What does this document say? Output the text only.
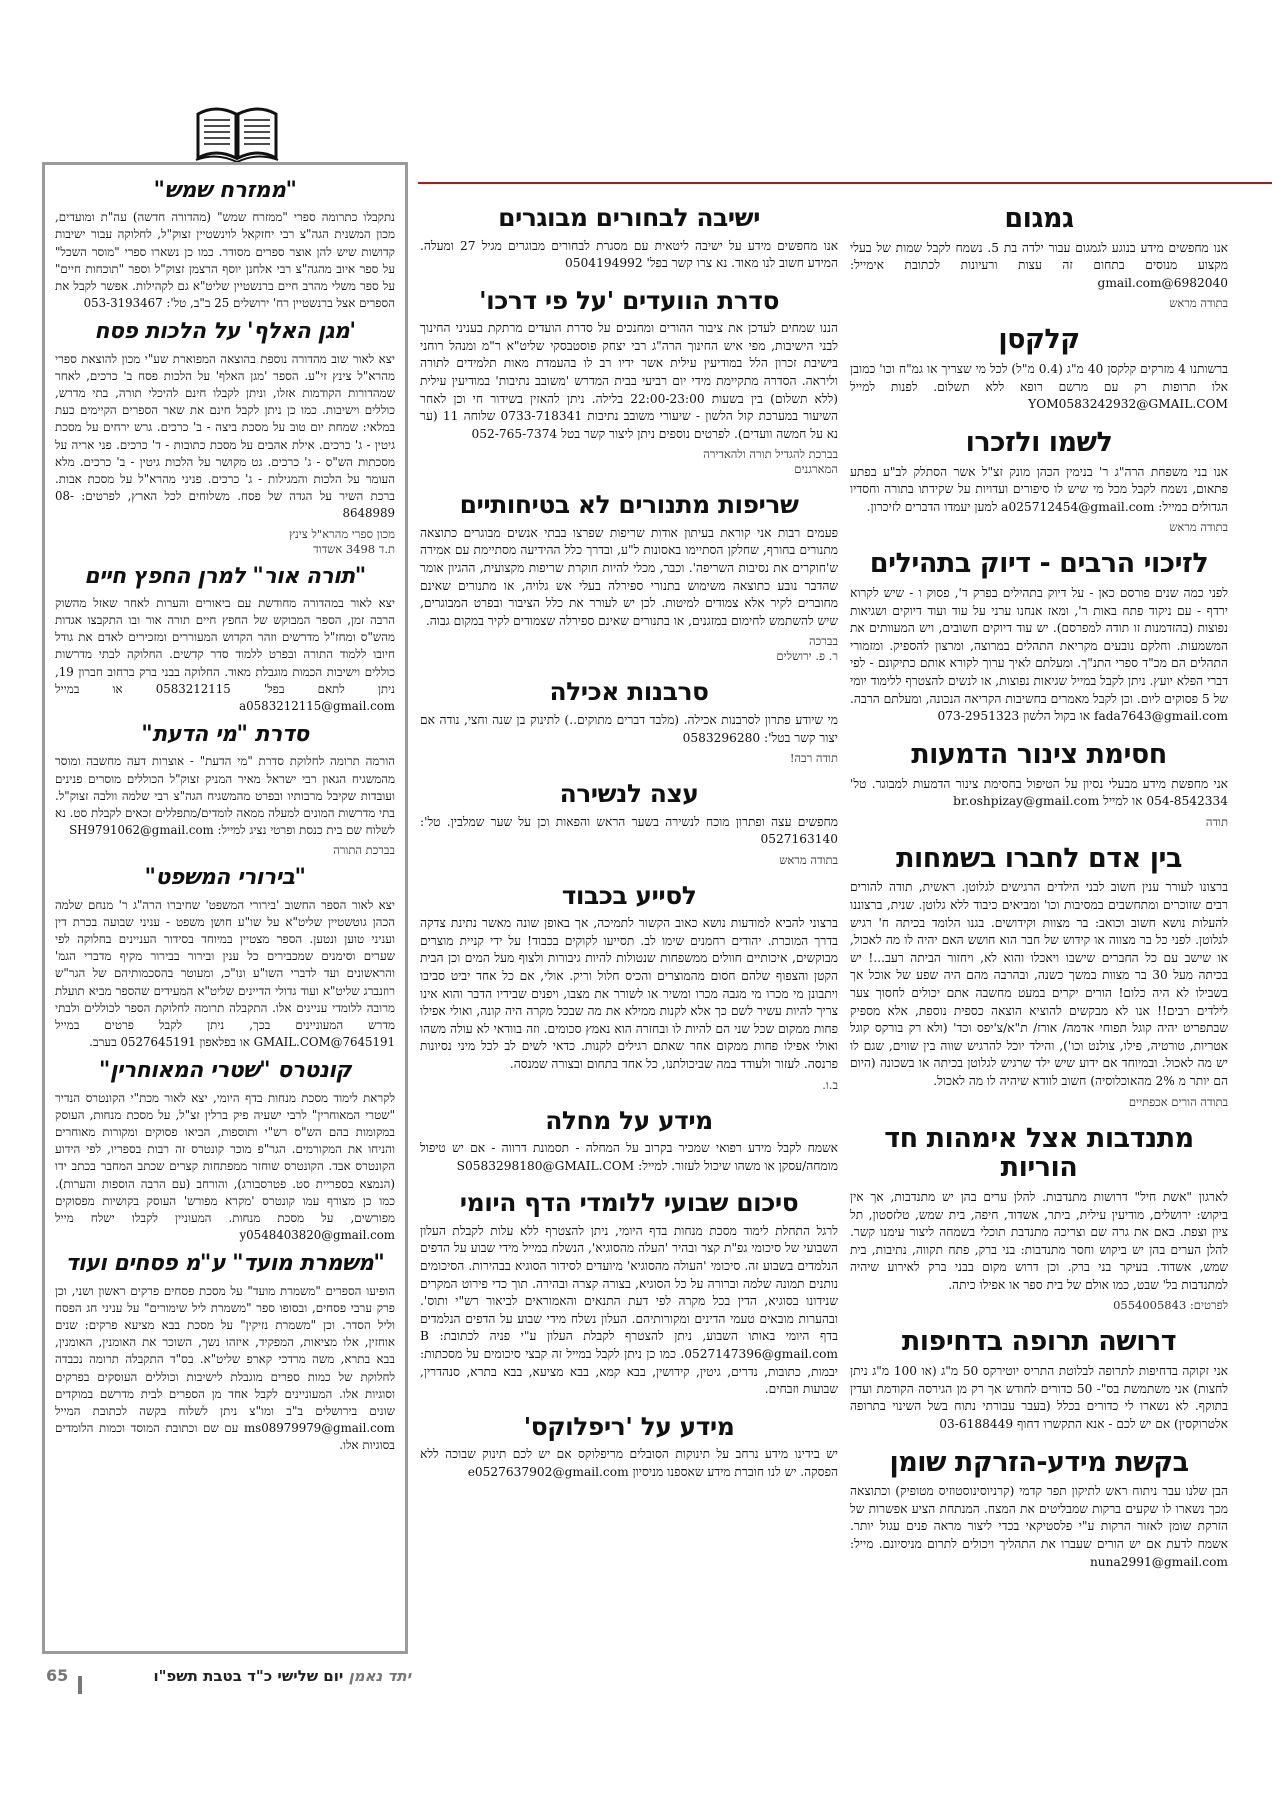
"ממזרח שמש"

נתקבלו כתרומה ספרי "ממזרח שמש" (מהדורה חדשה) עה"ת ומועדים, מכון המשנית הגה"צ רבי יחזקאל לוינשטיין זצוק"ל, לחלוקה עבור ישיבות קדושות שיש להן אוצר ספרים מסודר. כמו כן נשארו ספרי "מוסר השכל" על ספר איוב מהגה"צ רבי אלחנן יוסף הרצמן זצוק"ל וספר "תוכחות חיים" על ספר משלי מהרב חיים ברנשטיין שליט"א גם לקהילות. אפשר לקבל את הספרים אצל ברנשטיין רח' ירושלים 25 ב"ב, טל': 053-3193467

'מגן האלף' על הלכות פסח

יצא לאור שוב מהדורה נוספת בהוצאה המפוארת שע"י מכון להוצאת ספרי מהרא"ל צינץ זי"ע. הספר 'מגן האלף' על הלכות פסח ב' כרכים, לאחר שמהדורות הקודמות אזלו, וניתן לקבלו חינם להיכלי תורה, בתי מדרש, כוללים וישיבות. כמו כן ניתן לקבל חינם את שאר הספרים הקיימים כעת במלאי: שמחת יום טוב על מסכת ביצה - ב' כרכים. גרש ירחים על מסכת גיטין - ג' כרכים. אילת אהבים על מסכת כתובות - ד' כרכים. פני אריה על מסכתות הש"ס - ג' כרכים. גט מקושר על הלכות גיטין - ב' כרכים. מלא העומר על הלכות והמגילות - ג' כרכים. פניני מהרא"ל על מסכת אבות. ברכת השיר על הגדה של פסח. משלוחים לכל הארץ, לפרטים: 08-8648989

מכון ספרי מהרא"ל צינץ
ת.ד 3498 אשדוד
"תורה אור" למרן החפץ חיים

יצא לאור במהדורה מחודשת עם ביאורים והערות לאחר שאזל מהשוק הרבה זמן, הספר המבוקש של החפץ חיים תורה אור ובו התקבצו אגדות מהש"ס ומחז"ל מדרשים וזהר הקדוש המעוררים ומזכירים לאדם את גודל חיובו ללמוד התורה ובפרט ללמוד סדר קדשים. החלוקה לבתי מדרשות כוללים וישיבות הכמות מוגבלת מאוד. החלוקה בבני ברק ברחוב חברון 19, ניתן לתאם בפל' 0583212115 או במייל a0583212115@gmail.com

סדרת "מי הדעת"

הורמה תרומה לחלוקת סדרת "מי הדעת" - אוצרות דעה מחשבה ומוסר מהמשגיח הגאון רבי ישראל מאיר המניק זצוק"ל הכוללים מוסרים פנינים ועובדות שקיבל מרבותיו ובפרט מהמשגיח הגה"צ רבי שלמה וולבה זצוק"ל. בתי מדרשות המונים למעלה ממאה לומדים/מתפללים זכאים לקבלת סט. נא לשלוח שם בית כנסת ופרטי נציג למייל: SH9791062@gmail.com

בברכת התורה
"בירורי המשפט"

יצא לאור הספר החשוב 'בירורי המשפט' שחיברו הרה"ג ר' מנחם שלמה הכהן גוטשטיין שליט"א על שו"ע חושן משפט - עניני שבועה בכרת דין ועניני טוען ונטען. הספר מצטיין במיוחד בסידור העניינים בחלוקה לפי שערים וסימנים שמכבירים כל ענין ובירור בבירור מקיף מדברי הגמ' והראשונים ועד לדברי השו"ע ונו"כ, ומעוטר בהסכמותיהם של הגר"ש רוזנברג שליט"א ועוד גדולי הדיינים שליט"א המעידים שהספר מביא תועלת מרובה ללומדי עניינים אלו. התקבלה תרומה לחלוקת הספר לכוללים ולבתי מדרש המעוניינים בכך, ניתן לקבל פרטים במייל 7645191@GMAIL.COM או בפלאפון 0527645191 בערב.

קונטרס "שטרי המאוחרין"

לקראת לימוד מסכת מנחות בדף היומי, יצא לאור מכת"י הקונטרס הנדיר "שטרי המאוחרין" לרבי ישעיה פיק ברלין זצ"ל, על מסכת מנחות, העוסק במקומות בהם הש"ס רש"י ותוספות, הביאו פסוקים ומקורות מאוחרים והניחו את המקורמים. הגר"פ מוכר קונטרס זה רבות בספריו, לפי הידוע הקונטרס אבד. הקונטרס שוחזר ממפתחות קצרים שכתב המחבר בכתב ידו (הנמצא בספריית סט. פטרסבורג), והורחב (עם הרבה הוספות והערות). כמו כן מצורף עמו קונטרס 'מקרא מפורש' העוסק בקושיות מפסוקים מפורשים, על מסכת מנחות. המעוניין לקבלו ישלח מייל y0548403820@gmail.com

"משמרת מועד" ע"מ פסחים ועוד

הופיעו הספרים "משמרת מועד" על מסכת פסחים פרקים ראשון ושני, וכן פרק ערבי פסחים, ובסופו ספר "משמרת ליל שימורים" על עניני חג הפסח וליל הסדר. וכן "משמרת נזיקין" על מסכת בבא מציעא פרקים: שנים אוחזין, אלו מציאות, המפקיד, איזהו נשך, השוכר את האומנין, האומנין, בבא בתרא, משה מרדכי קארפ שליט"א. בס"ד התקבלה תרומה נכבדה לחלוקת של כמות ספרים מוגבלת לישיבות וכוללים העוסקים בפרקים וסוגיות אלו. המעוניינים לקבל אחד מן הספרים לבית מדרשם במוקדים שונים בירושלים ב"ב ומו"צ ניתן לשלוח בקשה לכתובת המייל ms08979979@gmail.com עם שם וכתובת המוסד וכמות הלומדים בסוגיות אלו.

ישיבה לבחורים מבוגרים

אנו מחפשים מידע על ישיבה ליטאית עם מסגרת לבחורים מבוגרים מגיל 27 ומעלה. המידע חשוב לנו מאוד. נא צרו קשר בפל' 0504194992

סדרת הוועדים 'על פי דרכו'

הננו שמחים לעדכן את ציבור ההורים ומחנכים על סדרת הועדים מרתקת בעניני החינוך לבני הישיבות, מפי איש החינוך הרה"ג רבי יצחק פוסטבסקי שליט"א ר"מ ומנהל רוחני בישיבת זכרון הלל במודיעין עילית אשר ידיו רב לו בהעמדת מאות תלמידים לתורה וליראה. הסדרה מתקיימת מידי יום רביעי בבית המדרש 'משובב נתיבות' במודיעין עילית (ללא תשלום) בין בשעות 22:00-23:00 בלילה. ניתן להאזין בשידור חי וכן לאחר השיעור במערכת קול הלשון - שיעורי משובב נתיבות 0733-718341 שלוחה 11 (ער נא על חמשה וועדים). לפרטים נוספים ניתן ליצור קשר בטל 052-765-7374

בברכת להגדיל תורה ולהאדירה
המארגנים
שריפות מתנורים לא בטיחותיים

פעמים רבות אני קוראת בעיתון אודות שריפות שפרצו בבתי אנשים מבוגרים כתוצאה מתנורים בחורף, שחלקן הסתיימו באסונות ל"ע, ובדרך כלל ההידיעה מסתיימת עם אמירה ש'חוקרים את נסיבות השריפה'. וכבר, מכלי להיות חוקרת שריפות מקצועית, ההגיון אומר שהדבר נובע כתוצאה משימוש בתנורי ספירלה בעלי אש גלויה, או מתנורים שאינם מחוברים לקיר אלא צמודים למיטות. לכן יש לעורר את כלל הציבור ובפרט המבוגרים, שיש להשתמש לחימום במזגנים, או בתנורים שאינם ספירלה שצמודים לקיר במקום גבוה.

בברכה
ר. פ. ירושלים
סרבנות אכילה

מי שיודע פתרון לסרבנות אכילה. (מלבד דברים מתוקים..) לתינוק בן שנה וחצי, נודה אם יצור קשר בטל': 0583296280

תודה רבה!
עצה לנשירה

מחפשים עצה ופתרון מוכח לנשירה בשער הראש והפאות וכן על שער שמלבין. טל': 0527163140

בתודה מראש
לסייע בכבוד

ברצוני להביא למודעות נושא כאוב הקשור לתמיכה, אך באופן שונה מאשר נתינת צדקה בדרך המוכרת. יהודים רחמנים שימו לב. תסייעו לקוקים בכבוד! על ידי קניית מוצרים מבוקשים, איכותיים חוולים ממשפחות שנטולות להיות גיבורות ולצוף מעל המים וכן הבית הקטן והצפוף שלהם חסום מהמוצרים והכיס חלול וריק. אולי, אם כל אחד יביט סביבו ויתבונן מי מכרו מי מגבה מכרו ומשיר או לשורר את מצבו, ויפנים שבידיו הדבר והוא אינו צריך להיות עשיר לשם כך אלא לקנות ממילא את מה שבכל מקרה היה קונה, ואולי אפילו פחות ממקום שכל שני הם להיות לו ובחזרה הוא נאמץ סכומים. וזה בוודאי לא עולה משהו ואולי אפילו פחות ממקום אחר שאתם רגילים לקנות. כדאי לשים לב לכל מיני נסיונות פרנסה. לעזור ולעודד במה שביכולתנו, כל אחד בתחום ובצורה שמנסה.

ב.ו.
מידע על מחלה

אשמח לקבל מידע רפואי שמכיר בקרוב על המחלה - תסמונת דרווה - אם יש טיפול מומחה/עסקן או משהו שיכול לעזור. למייל: S0583298180@GMAIL.COM

סיכום שבועי ללומדי הדף היומי

לרגל התחלת לימוד מסכת מנחות בדף היומי, ניתן להצטרף ללא עלות לקבלת העלון השבועי של סיכומי גפ"ת קצר ובהיר 'העלה מהסוגיא', הנשלח במייל מידי שבוע על הדפים הנלמדים בשבוע זה. סיכומי 'העולה מהסוגיא' מיועדים לסידור הסוגיא בבהירות. הסיכומים נותנים תמונה שלמה וברורה על כל הסוגיא, בצורה קצרה ובהירה. תוך כדי פירוט המקרים שנידונו בסוגיא, הדין בכל מקרה לפי דעת התנאים והאמוראים לביאור רש"י ותוס'. ובהערות מובאים טעמי הדינים ומקורותיהם. העלון נשלח מידי שבוע על הדפים הנלמדים בדף היומי באותו השבוע, ניתן להצטרף לקבלת העלון ע"י פניה לכתובת: B 0527147396@gmail.com. כמו כן ניתן לקבל במייל זה קבצי סיכומים על מסכתות: יבמות, כתובות, נדרים, גיטין, קידושין, בבא קמא, בבא מציעא, בבא בתרא, סנהדרין, שבועות וזבחים.

מידע על 'ריפלוקס'

יש בידינו מידע נרחב על תינוקות הסובלים מריפלוקס אם יש לכם תינוק שבוכה ללא הפסקה. יש לנו חוברת מידע שאספנו מניסיון e0527637902@gmail.com

גמגום

אנו מחפשים מידע בנוגע לגמגום עבור ילדה בת 5. נשמח לקבל שמות של בעלי מקצוע מנוסים בתחום זה עצות ורעיונות לכתובת אימייל: 6982040@gmail.com

בתודה מראש
קלקסן

ברשותנו 4 מזרקים קלקסן 40 מ"ג (0.4 מ"ל) לכל מי שצריך או גמ"ח וכו' כמובן אלו תרופות רק עם מרשם רופא ללא תשלום. לפנות למייל YOM0583242932@GMAIL.COM

לשמו ולזכרו

אנו בני משפחת הרה"ג ר' בנימין הכהן מונק זצ"ל אשר הסתלק לב"ע בפתע פתאום, נשמח לקבל מכל מי שיש לו סיפורים ועדויות על שקידתו בתורה וחסדיו הגדולים במייל: a025712454@gmail.com למען יעמדו הדברים לזיכרון.

בתודה מראש
לזיכוי הרבים - דיוק בתהילים

לפני כמה שנים פורסם כאן - על דיוק בתהילים בפרק ד', פסוק ו - שיש לקרוא ירדף - עם ניקוד פתח באות ר', ומאז אנחנו ערני על עוד ועוד דיוקים ושגיאות נפוצות (בהזדמנות זו תודה למפרסם). יש עוד דיוקים חשובים, ויש המעוותים את המשמעות. וחלקם נובעים מקריאת התהלים במרוצה, ומרצון להספיק. ומזמורי התהלים הם מכ"ד ספרי התנ"ך. ומעלתם לאיך ערוך לקורא אותם כתיקונם - לפי דברי הפלא יועץ. ניתן לקבל במייל שגיאות נפוצות, או לנשים להצטרף ללימוד יומי של 5 פסוקים ליום. וכן לקבל מאמרים בחשיבות הקריאה הנכונה, ומעלתם הרבה. fada7643@gmail.com או בקול הלשון 073-2951323

חסימת צינור הדמעות

אני מחפשת מידע מבעלי נסיון על הטיפול בחסימת צינור הדמעות למבוגר. טל' 054-8542334 או למייל br.oshpizay@gmail.com

תודה
בין אדם לחברו בשמחות

ברצונו לעורר ענין חשוב לבני הילדים הרגישים לגלוטן. ראשית, תודה להורים רבים שזוכרים ומתחשבים במסיבות וכו' ומביאים כיבוד ללא גלוטן. שנית, ברצוננו להעלות נושא חשוב וכואב: בר מצוות וקידושים. בגנו הלומד בכיתה ח' רגיש לגלוטן. לפני כל בר מצווה או קידוש של חבר הוא חושש האם יהיה לו מה לאכול, או שישב עם כל החברים שישבו ויאכלו והוא לא, ויחזור הביתה רעב...! יש בכיתה מעל 30 בר מצוות במשך כשנה, ובהרבה מהם היה שפע של אוכל אך בשבילו לא היה כלום! הורים יקרים במעט מחשבה אתם יכולים לחסוך צער לילדים רבים!! אנו לא מבקשים להוציא הוצאה כספית נוספת, אלא מספיק שבתפריט יהיה קוגל תפוחי אדמה/ אורז/ ת"א/צ'יפס וכד' (ולא רק בורקס קוגל אטריות, טורטיה, פילו, צולנט וכו'), והילד יוכל להרגיש שווה בין שווים, שגם לו יש מה לאכול. ובמיוחד אם ידוע שיש ילד שרגיש לגלוטן בכיתה או בשכונה (היום הם יותר מ 2% מהאוכלוסיה) חשוב לוודא שיהיה לו מה לאכול.

בתודה הורים אכפתיים
מתנדבות אצל אימהות חד הוריות

לארגון "אשת חיל" דרושות מתנדבות. להלן ערים בהן יש מתנדבות, אך אין ביקוש: ירושלים, מודיעין עילית, ביתר, אשדוד, חיפה, בית שמש, טלזסטון, תל ציון וצפת. באם את גרה שם וצריכה מתנדבת תוכלי בשמחה ליצור עימנו קשר. להלן הערים בהן יש ביקוש וחסר מתנדבות: בני ברק, פתח תקווה, נתיבות, בית שמש, אשדוד. בעיקר בני ברק. וכן דרוש מקום בבני ברק לאירוע שיהיה למתנדבות בל' שבט, כמו אולם של בית ספר או אפילו כיתה.

לפרטים: 0554005843
דרושה תרופה בדחיפות

אני זקוקה בדחיפות לתרופה לבלוטת התריס יוטירקס 50 מ"ג (או 100 מ"ג ניתן לחצות) אני משתמשת בס"- 50 כדורים לחודש אך רק מן הגירסה הקודמת ועדין בתוקף. לא נשארו לי כדורים בכלל (בעבר עבורתי נתוח בשל השינוי בתרופה אלטרוקסין) אם יש לכם - אנא התקשרו דחוף 03-6188449

בקשת מידע-הזרקת שומן

הבן שלנו עבר ניתוח ראש לתיקון תפר קדמי (קרניוסינוסטוזיס מטופיק) וכתוצאה מכך נשארו לו שקעים ברקות שמבליטים את המצח. המנתחת הציע אפשרות של הזרקת שומן לאזור הרקות ע"י פלסטיקאי בכדי ליצור מראה פנים עגול יותר. אשמח לדעת אם יש הורים שעברו את התהליך ויכולים לתרום מניסיונם. מייל: nuna2991@gmail.com

65	יתד נאמן יום שלישי כ"ד בטבת תשפ"ו
